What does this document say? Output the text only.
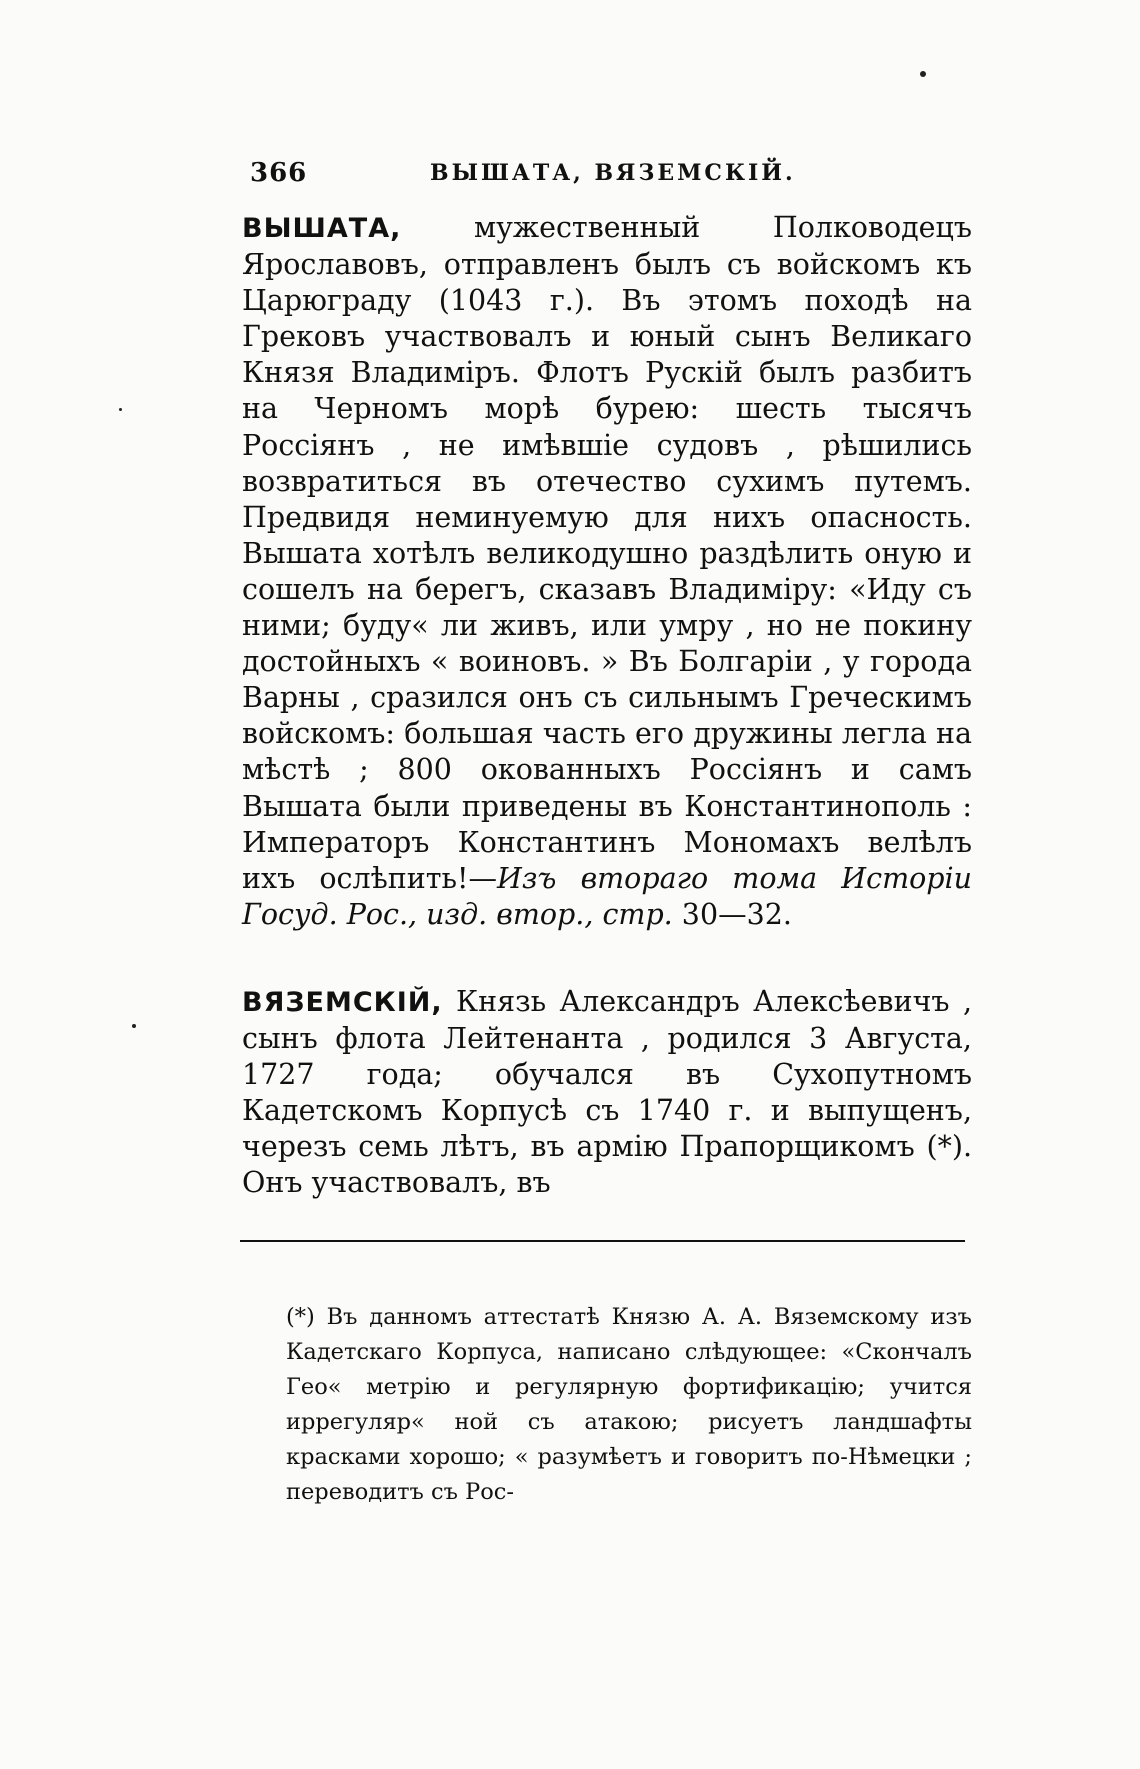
366	ВЫШАТА, ВЯЗЕМСКІЙ.
ВЫШАТА,	мужественный Полководецъ Ярославовъ, отправленъ былъ съ войскомъ къ Царюграду (1043 г.). Въ этомъ походѣ на Грековъ участвовалъ и юный сынъ Великаго Князя Владиміръ. Флотъ Рускій былъ разбитъ на Черномъ морѣ бурею: шесть тысячъ Россіянъ , не имѣвшіе судовъ , рѣшились возвратиться въ отечество сухимъ путемъ. Предвидя неминуемую для нихъ опасность. Вышата хотѣлъ великодушно раздѣлить оную и сошелъ на берегъ, сказавъ Владиміру: «Иду съ ними; буду« ли живъ, или умру , но не покину достойныхъ « воиновъ. » Въ Болгаріи , у города Варны , сразился онъ съ сильнымъ Греческимъ войскомъ: большая часть его дружины легла на мѣстѣ ; 800 окованныхъ Россіянъ и самъ Вышата были приведены въ Константинополь : Императоръ Константинъ Мономахъ велѣлъ ихъ ослѣпить!—Изъ втораго тома Исторіи Госуд. Рос., изд. втор., стр. 30—32.
ВЯЗЕМСКІЙ, Князь Александръ Алексѣевичъ , сынъ флота Лейтенанта , родился 3 Августа, 1727 года; обучался въ Сухопутномъ Кадетскомъ Корпусѣ съ 1740 г. и выпущенъ, черезъ семь лѣтъ, въ армію Прапорщикомъ (*). Онъ участвовалъ, въ
(*) Въ данномъ аттестатѣ Князю А. А. Вяземскому изъ Кадетскаго Корпуса, написано слѣдующее: «Скончалъ Гео« метрію и регулярную фортификацію; учится иррегуляр« ной съ атакою; рисуетъ ландшафты красками хорошо; « разумѣетъ и говоритъ по-Нѣмецки ; переводитъ съ Рос-
